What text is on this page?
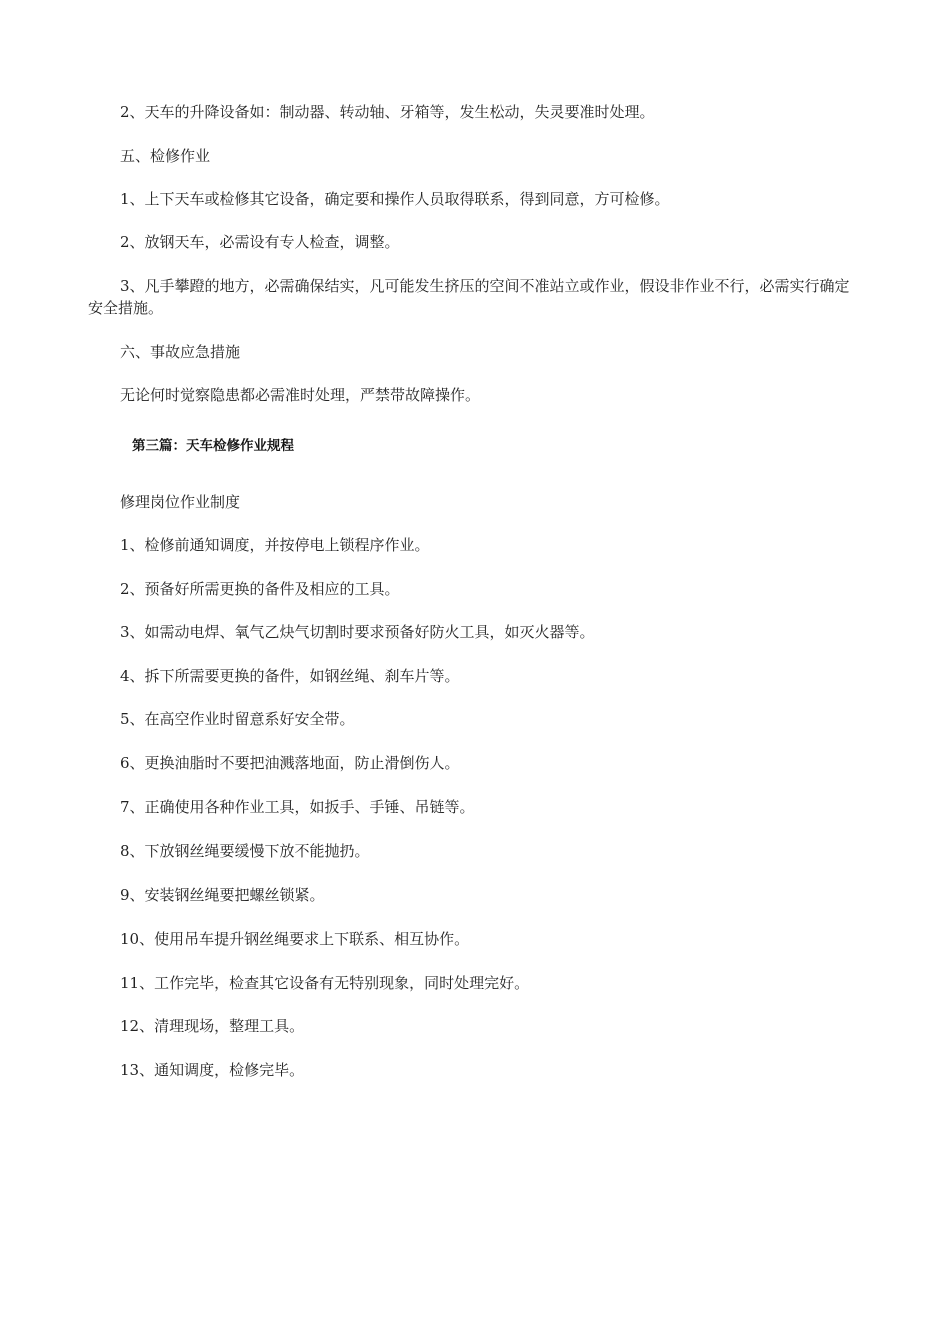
2、天车的升降设备如：制动器、转动轴、牙箱等，发生松动，失灵要准时处理。
五、检修作业
1、上下天车或检修其它设备，确定要和操作人员取得联系，得到同意，方可检修。
2、放钢天车，必需设有专人检查，调整。
3、凡手攀蹬的地方，必需确保结实，凡可能发生挤压的空间不准站立或作业，假设非作业不行，必需实行确定安全措施。
六、事故应急措施
无论何时觉察隐患都必需准时处理，严禁带故障操作。
第三篇：天车检修作业规程
修理岗位作业制度
1、检修前通知调度，并按停电上锁程序作业。
2、预备好所需更换的备件及相应的工具。
3、如需动电焊、氧气乙炔气切割时要求预备好防火工具，如灭火器等。
4、拆下所需要更换的备件，如钢丝绳、刹车片等。
5、在高空作业时留意系好安全带。
6、更换油脂时不要把油溅落地面，防止滑倒伤人。
7、正确使用各种作业工具，如扳手、手锤、吊链等。
8、下放钢丝绳要缓慢下放不能抛扔。
9、安装钢丝绳要把螺丝锁紧。
10、使用吊车提升钢丝绳要求上下联系、相互协作。
11、工作完毕，检查其它设备有无特别现象，同时处理完好。
12、清理现场，整理工具。
13、通知调度，检修完毕。
